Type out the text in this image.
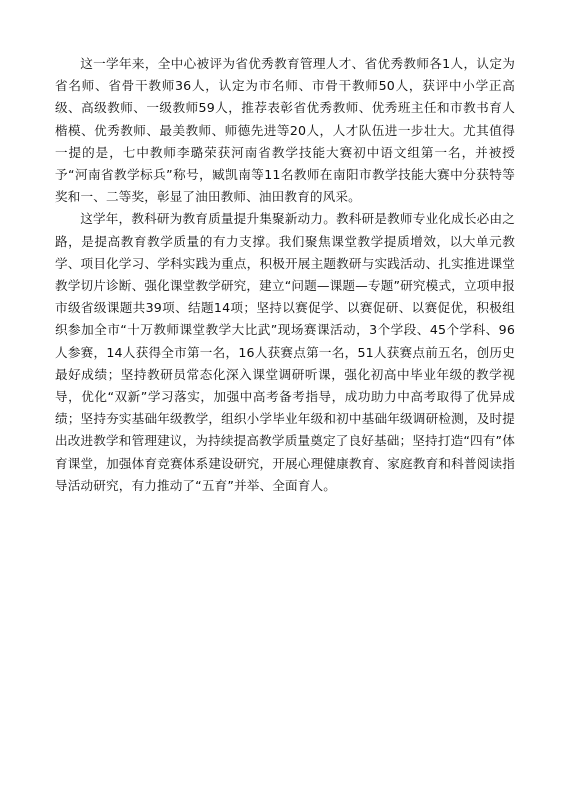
这一学年来，全中心被评为省优秀教育管理人才、省优秀教师各1人，认定为省名师、省骨干教师36人，认定为市名师、市骨干教师50人，获评中小学正高级、高级教师、一级教师59人，推荐表彰省优秀教师、优秀班主任和市教书育人楷模、优秀教师、最美教师、师德先进等20人，人才队伍进一步壮大。尤其值得一提的是，七中教师李璐荣获河南省教学技能大赛初中语文组第一名，并被授予“河南省教学标兵”称号，臧凯南等11名教师在南阳市教学技能大赛中分获特等奖和一、二等奖，彰显了油田教师、油田教育的风采。

这学年，教科研为教育质量提升集聚新动力。教科研是教师专业化成长必由之路，是提高教育教学质量的有力支撑。我们聚焦课堂教学提质增效，以大单元教学、项目化学习、学科实践为重点，积极开展主题教研与实践活动、扎实推进课堂教学切片诊断、强化课堂教学研究，建立“问题—课题—专题”研究模式，立项申报市级省级课题共39项、结题14项；坚持以赛促学、以赛促研、以赛促优，积极组织参加全市“十万教师课堂教学大比武”现场赛课活动，3个学段、45个学科、96人参赛，14人获得全市第一名，16人获赛点第一名，51人获赛点前五名，创历史最好成绩；坚持教研员常态化深入课堂调研听课，强化初高中毕业年级的教学视导，优化“双新”学习落实，加强中高考备考指导，成功助力中高考取得了优异成绩；坚持夯实基础年级教学，组织小学毕业年级和初中基础年级调研检测，及时提出改进教学和管理建议，为持续提高教学质量奠定了良好基础；坚持打造“四有”体育课堂，加强体育竞赛体系建设研究，开展心理健康教育、家庭教育和科普阅读指导活动研究，有力推动了“五育”并举、全面育人。
